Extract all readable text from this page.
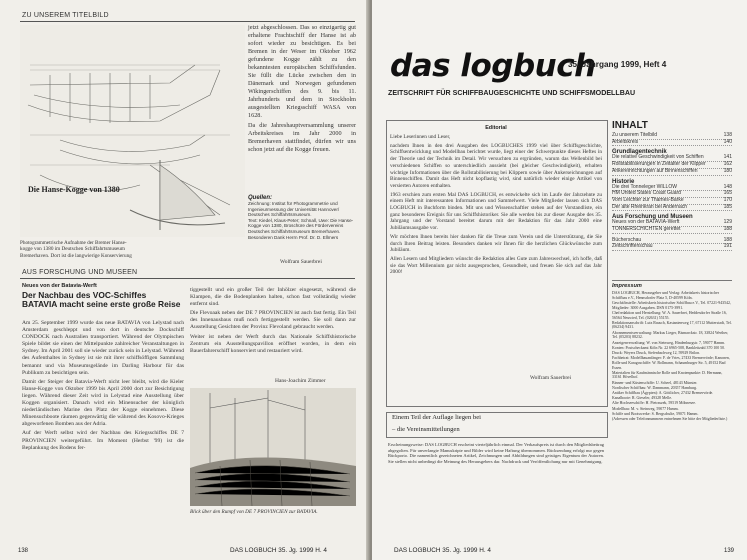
ZU UNSEREM TITELBILD
Die Hanse-Kogge von 1380
Photogrammetrische Aufnahme der Bremer Hanse-kogge von 1380 im Deutschen Schiffahrtsmuseum Bremerhaven. Dort ist die langwierige Konservierung

jetzt abgeschlossen. Das so einzigartig gut erhaltene Frachtschiff der Hanse ist ab sofort wieder zu besichtigen. Es bei Bremen in der Weser im Oktober 1962 gefundene Kogge zählt zu den bekanntesten europäischen Schiffsfunden. Sie füllt die Lücke zwischen den in Dänemark und Norwegen gefundenen Wikingerschiffen des 9. bis 11. Jahrhunderts und dem in Stockholm ausgestellten Kriegsschiff WASA von 1628.

Da die Jahreshauptversammlung unserer Arbeitskreises im Jahr 2000 in Bremerhaven stattfindet, dürfen wir uns schon jetzt auf die Kogge freuen.

Quellen:
Zeichnung: Institut für Photogrammetrie und Ingenieurmessung der Universität Hannover/ Deutsches Schiffahrtsmuseum.
Text: Kiedel, Klaus-Peter; Schnall, Uwe: Die Hanse-Kogge von 1380, Broschüre des Fördervereins Deutsches Schiffahrtsmuseum Bremerhaven.
Besonderen Dank Herrn Prof. Dr. D. Ellmers
Wolfram Sauerbrei
AUS FORSCHUNG UND MUSEEN
Neues von der Batavia-Werft
Der Nachbau des VOC-Schiffes BATAVIA macht seine erste große Reise

Am 25. September 1999 wurde das neue BATAVIA von Lelystad nach Amsterdam geschleppt und von dort in deutsche Dockschiff CONDOCK nach Australien transportiert. Während der Olympischen Spiele bildet sie einen der Mittelpunkte zahlreicher Veranstaltungen in Sydney. Im April 2001 soll sie wieder zurück sein in Lelystad. Während des Aufenthaltes in Sydney ist sie mit ihrer schiffsöffigen Sammlung bemannt und via Museumsgelände im Darling Harbour für das Publikum zu besichtigen sein.

Damit der Steiger der Batavia-Werft nicht leer bleibt, wird die Kieler Hanse-Kogge von Oktober 1999 bis April 2000 dort zur Besichtigung liegen. Während dieser Zeit wird in Lelystad eine Ausstellung über Koggen organisiert. Danach wird ein Minensucher der königlich niederländischen Marine den Platz der Kogge einnehmen. Diese Minensuchboote räumen gegenwärtig die während des Kosovo-Krieges abgeworfenen Bomben aus der Adria.

Auf der Werft selbst wird der Nachbau des Kriegsschiffes DE 7 PROVINCIEN weitergeführt. Im Moment (Herbst '99) ist die Beplankung des Bodens fer-

tiggestellt und ein großer Teil der Inhölzer eingesetzt, während die Klampen, die die Bodenplanken halten, schon fast vollständig wieder entfernt sind.

Die Flevoaak neben der DE 7 PROVINCIEN ist auch fast fertig. Ein Teil des Innenausbaus muß noch fertiggestellt werden. Sie soll dann zur Ausstellung Gesichten der Provinz Flevoland gebraucht werden.

Weiter ist neben der Werft durch das Nationale Schiffshistorische Zentrum ein Ausstellungspavillon eröffnet worden, in dem ein Bauerfahrerschiff konserviert und restauriert wird.

Hans-Joachim Zimmer
Blick über den Rumpf von DE 7 PROVINCIEN zur BATAVIA.
138	DAS LOGBUCH 35. Jg. 1999 H. 4
das logbuch
35. Jahrgang 1999, Heft 4
ZEITSCHRIFT FÜR SCHIFFBAUGESCHICHTE UND SCHIFFSMODELLBAU
Editorial

Liebe Leserinnen und Leser,

nachdem Ihnen in den drei Ausgaben des LOGBUCHES 1999 viel über Schiffsgeschichte, Schiffsentwicklung und Modellbau berichtet wurde, liegt einer der Schwerpunkte dieses Heftes in der Theorie und der Technik im Detail. Wir versuchten zu ergründen, warum das Wellenbild bei verschiedenen Schiffen so unterschiedlich aussieht (bei gleicher Geschwindigkeit), erhalten wichtige Informationen über die Rollstabilisierung bei Klippern sowie über Ankerseichnungen auf Binnenschiffen. Damit das Heft nicht kopflastig wird, sind natürlich wieder einige Artikel von versierten Autoren enthalten.

1963 erschien zum ersten Mal DAS LOGBUCH, es entwickelte sich im Laufe der Jahrzehnte zu einem Heft mit interessanten Informationen und Sammelwert. Viele Mitglieder lassen sich DAS LOGBUCH in Buchform binden. Mit uns und Wissenschaftler stehen auf der Vorstandliste, ein ganz besonderes Ereignis für uns Schiffshistoriker. Sie alle werden bis zur dieser Ausgabe des 35. Jahrgang und der Vorstand bereitet darum mit der Redaktion für das Jahr 2000 eine Jubiläumsausgabe vor.

Wir möchten Ihnen bereits hier danken für die Treue zum Verein und die Unterstützung, die Sie durch Ihren Beitrag leisten. Besonders danken wir Ihnen für die herzlichen Glückwünsche zum Jubiläum.

Allen Lesern und Mitgliedern wünscht die Redaktion alles Gute zum Jahreswechsel, ich hoffe, daß sie das Wort Millennium gar nicht ausgesprochen, Gesundheit, und freuen Sie sich auf das Jahr 2000!

Wolfram Sauerbrei
Einem Teil der Auflage liegen bei
– die Vereinsmitteilungen
Erscheinungsweise: DAS LOGBUCH erscheint vierteljährlich einmal. Der Verkaufspreis ist durch den Mitgliedsbeitrag abgegolten. Für unverlangte Manuskripte und Bilder wird keine Haftung übernommen. Rücksendung erfolgt nur gegen Rückporto. Die namentlich gezeichneten Artikel, Zeichnungen und Abbildungen sind geistiges Eigentum der Autoren. Sie stellen nicht unbedingt die Meinung des Herausgebers dar. Nachdruck und Veröffentlichung nur mit Genehmigung.
INHALT
Zu unserem Titelbild	138
Arbeitskreis	140
Grundlagentechnik
Die relative Geschwindigkeit von Schiffen	141
Rollstabilisierungen in Zeitalter der Klipper	162
Ankereinrichtungen auf Binnenschiffen	180
Historie
Die drei Tonneleger WILLOW	148
HM United States Coast Guard	165
Vom Leichter zur Thames-Barke	170
Der alte Rheinkran bei Andernach	185
Aus Forschung und Museen
Neues von der BATAVIA-Werft	129
TONNERSCHICHTEN gerettet	188
Bücherschau	188
Zeitschriftenschau	191
Impressum
DAS LOGBUCH, Herausgeber und Verlag: Arbeitskreis historischer Schiffbau e.V., Hennsdorfer Platz 5, D-40599 Köln.
Geschäftsstelle: Arbeitskreis historischer Schiffbau e.V., Tel. 07221-943542, Mitglieder: 3000 Ausgaben. DSN 0175-3991.
Chefredaktion und Herstellung: W. A. Sauerbrei, Heddesdorfer Straße 16, 56564 Neuwied, Tel. (02631) 55155.
Redaktionsanschrift: Lutz Rausch, Kastanienweg 17, 67112 Mutterstadt, Tel. (06234) 9431.
Abonnementsverwaltung: Markus Lieger, Bismarckstr. 18, 33824 Werther, Tel. (05203) 88232.
Anzeigenverwaltung: W. von Steinweg, Hindenburgstr. 7, 59077 Hamm.
Konten: Postscheckamt Köln Nr. 22 6965-508, Bankleitzahl 370 100 50.
Druck: Weyers Druck, Siefenbachweg 12, 59929 Brilon.
Fachbeirat: Modellbauanfänger: F. de Vries, 27433 Bremervörde; Kanonen, Rolle und Karagoschiffe: W. Bollmann, Schaumburger Str. 5, 49152 Bad Essen.
Materialien für Kaufmännische Rolle und Knotenpunkte: D. Hermann, 33161 Hövelhof.
Binnen- und Küstenschiffe: U. Scheel, 48143 Münster.
Nordischer Schiffbau: W. Dammann, 20357 Hamburg.
Antiker Schiffbau (Ägypten): A. Göttlicher, 27432 Bremervörde.
Kanalboote: R. Gieseler, 49328 Melle.
Alte Hochseeschiffe: H. Pietraszek, 59519 Möhnesee.
Modellbau: M. v. Steinweg, 59077 Hamm.
Schiffe und Bootswerke: S. Bergschulte, 59071 Hamm.
(Adressen oder Telefonnummern entnehmen Sie bitte der Mitgliederliste.)
DAS LOGBUCH 35. Jg. 1999 H. 4	139
